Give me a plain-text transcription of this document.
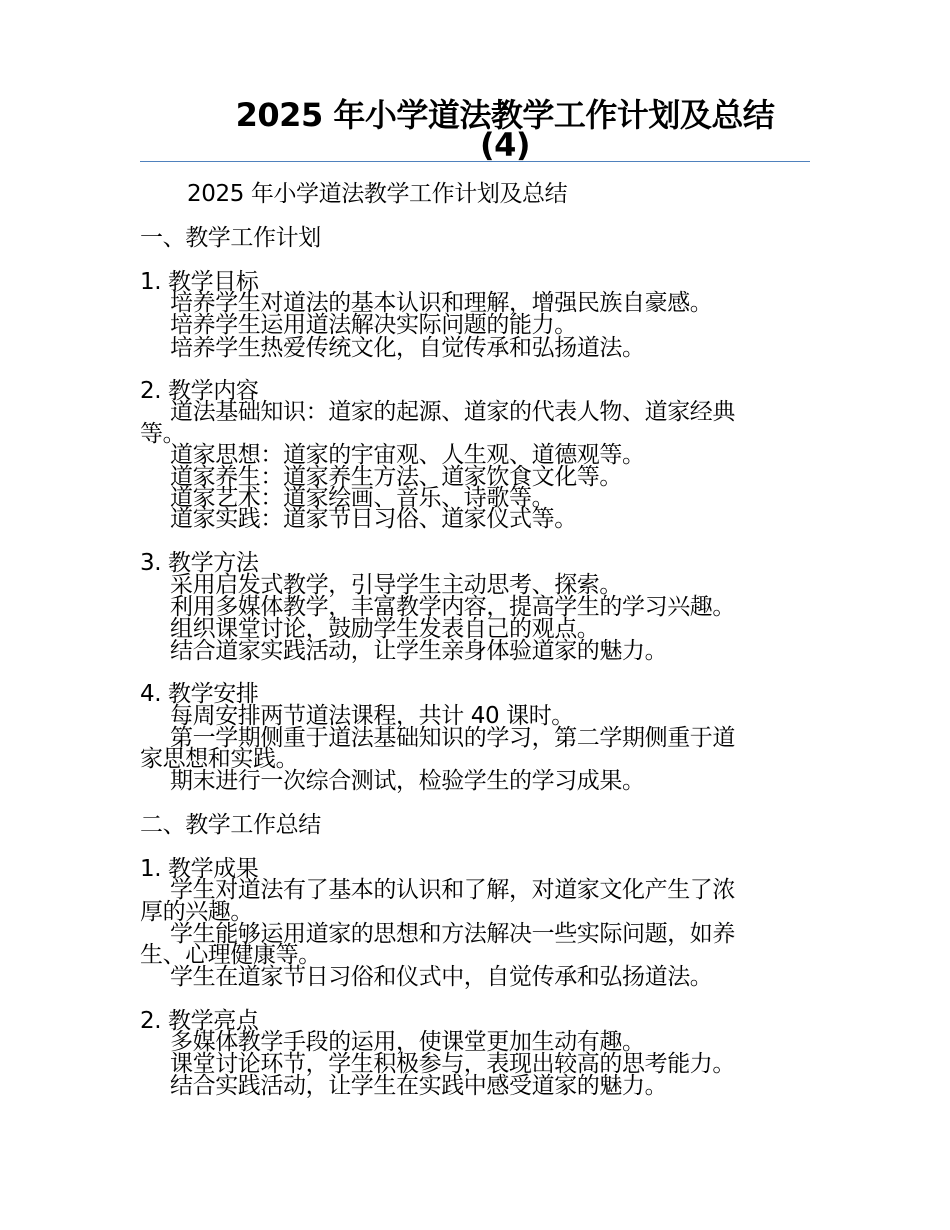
2025 年小学道法教学工作计划及总结
(4)
2025 年小学道法教学工作计划及总结
一、教学工作计划
1. 教学目标
培养学生对道法的基本认识和理解，增强民族自豪感。
培养学生运用道法解决实际问题的能力。
培养学生热爱传统文化，自觉传承和弘扬道法。
2. 教学内容
道法基础知识：道家的起源、道家的代表人物、道家经典
等。
道家思想：道家的宇宙观、人生观、道德观等。
道家养生：道家养生方法、道家饮食文化等。
道家艺术：道家绘画、音乐、诗歌等。
道家实践：道家节日习俗、道家仪式等。
3. 教学方法
采用启发式教学，引导学生主动思考、探索。
利用多媒体教学，丰富教学内容，提高学生的学习兴趣。
组织课堂讨论，鼓励学生发表自己的观点。
结合道家实践活动，让学生亲身体验道家的魅力。
4. 教学安排
每周安排两节道法课程，共计 40 课时。
第一学期侧重于道法基础知识的学习，第二学期侧重于道
家思想和实践。
期末进行一次综合测试，检验学生的学习成果。
二、教学工作总结
1. 教学成果
学生对道法有了基本的认识和了解，对道家文化产生了浓
厚的兴趣。
学生能够运用道家的思想和方法解决一些实际问题，如养
生、心理健康等。
学生在道家节日习俗和仪式中，自觉传承和弘扬道法。
2. 教学亮点
多媒体教学手段的运用，使课堂更加生动有趣。
课堂讨论环节，学生积极参与，表现出较高的思考能力。
结合实践活动，让学生在实践中感受道家的魅力。
